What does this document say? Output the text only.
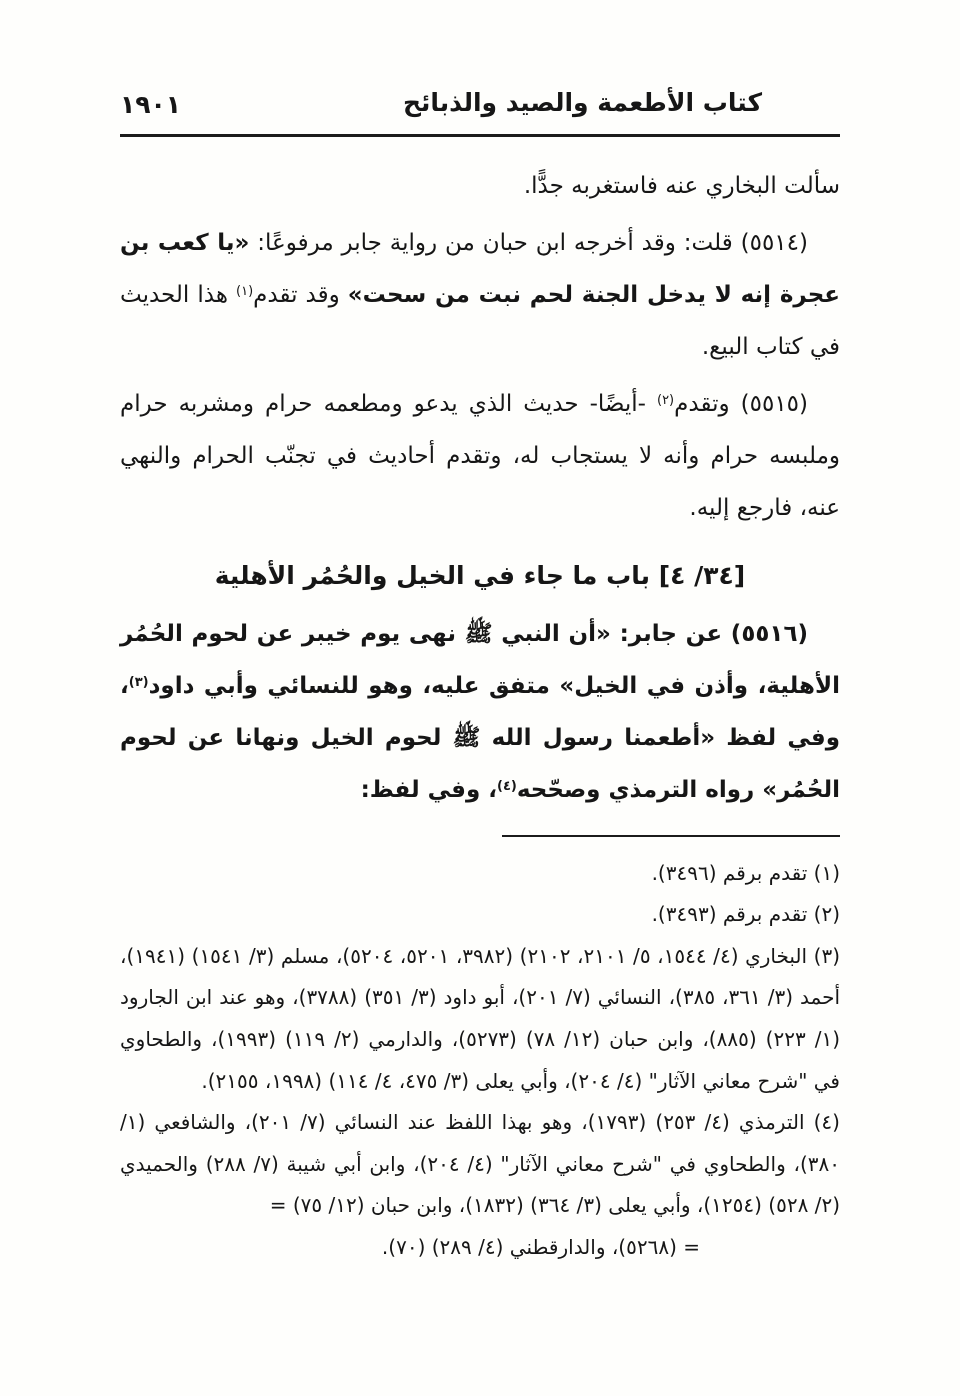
١٩٠١	كتاب الأطعمة والصيد والذبائح

سألت البخاري عنه فاستغربه جدًّا.

(٥٥١٤) قلت: وقد أخرجه ابن حبان من رواية جابر مرفوعًا: «يا كعب بن عجرة إنه لا يدخل الجنة لحم نبت من سحت» وقد تقدم$^{(١)}$ هذا الحديث في كتاب البيع.

(٥٥١٥) وتقدم$^{(٢)}$ -أيضًا- حديث الذي يدعو ومطعمه حرام ومشربه حرام وملبسه حرام وأنه لا يستجاب له، وتقدم أحاديث في تجنّب الحرام والنهي عنه، فارجع إليه.

[٣٤/ ٤] باب ما جاء في الخيل والحُمُر الأهلية

(٥٥١٦) عن جابر: «أن النبي ﷺ نهى يوم خيبر عن لحوم الحُمُر الأهلية، وأذن في الخيل» متفق عليه، وهو للنسائي وأبي داود$^{(٣)}$، وفي لفظ «أطعمنا رسول الله ﷺ لحوم الخيل ونهانا عن لحوم الحُمُر» رواه الترمذي وصحّحه$^{(٤)}$، وفي لفظ:

(١) تقدم برقم (٣٤٩٦).

(٢) تقدم برقم (٣٤٩٣).

(٣) البخاري (٤/ ١٥٤٤، ٥/ ٢١٠١، ٢١٠٢) (٣٩٨٢، ٥٢٠١، ٥٢٠٤)، مسلم (٣/ ١٥٤١) (١٩٤١)، أحمد (٣/ ٣٦١، ٣٨٥)، النسائي (٧/ ٢٠١)، أبو داود (٣/ ٣٥١) (٣٧٨٨)، وهو عند ابن الجارود (١/ ٢٢٣) (٨٨٥)، وابن حبان (١٢/ ٧٨) (٥٢٧٣)، والدارمي (٢/ ١١٩) (١٩٩٣)، والطحاوي في "شرح معاني الآثار" (٤/ ٢٠٤)، وأبي يعلى (٣/ ٤٧٥، ٤/ ١١٤) (١٩٩٨، ٢١٥٥).

(٤) الترمذي (٤/ ٢٥٣) (١٧٩٣)، وهو بهذا اللفظ عند النسائي (٧/ ٢٠١)، والشافعي (١/ ٣٨٠)، والطحاوي في "شرح معاني الآثار" (٤/ ٢٠٤)، وابن أبي شيبة (٧/ ٢٨٨) والحميدي (٢/ ٥٢٨) (١٢٥٤)، وأبي يعلى (٣/ ٣٦٤) (١٨٣٢)، وابن حبان (١٢/ ٧٥) =

= (٥٢٦٨)، والدارقطني (٤/ ٢٨٩) (٧٠).
